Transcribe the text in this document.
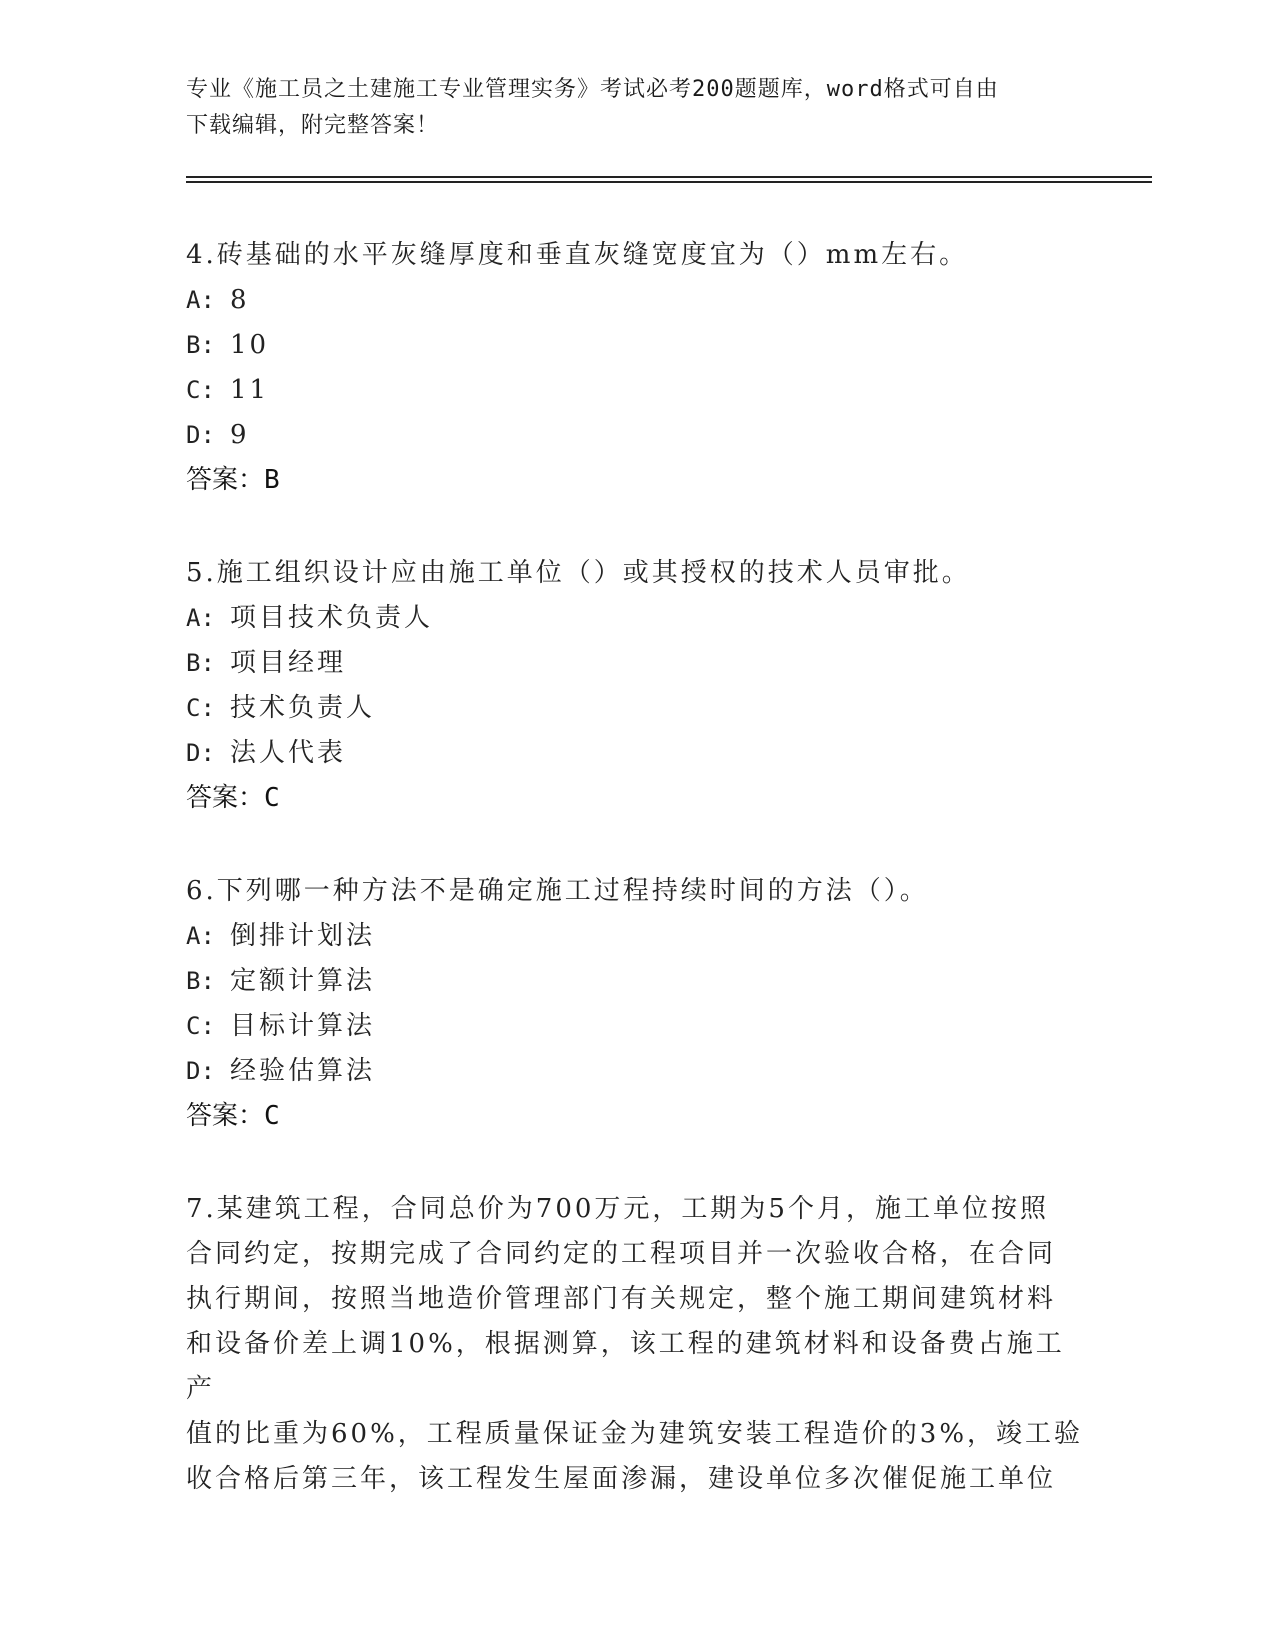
专业《施工员之土建施工专业管理实务》考试必考200题题库，word格式可自由
下载编辑，附完整答案！

4.砖基础的水平灰缝厚度和垂直灰缝宽度宜为（）mm左右。

A: 8
B: 10
C: 11
D: 9
答案：B

5.施工组织设计应由施工单位（）或其授权的技术人员审批。

A: 项目技术负责人
B: 项目经理
C: 技术负责人
D: 法人代表
答案：C

6.下列哪一种方法不是确定施工过程持续时间的方法（）。

A: 倒排计划法
B: 定额计算法
C: 目标计算法
D: 经验估算法
答案：C
7.某建筑工程，合同总价为700万元，工期为5个月，施工单位按照
合同约定，按期完成了合同约定的工程项目并一次验收合格，在合同
执行期间，按照当地造价管理部门有关规定，整个施工期间建筑材料
和设备价差上调10%，根据测算，该工程的建筑材料和设备费占施工产
值的比重为60%，工程质量保证金为建筑安装工程造价的3%，竣工验
收合格后第三年，该工程发生屋面渗漏，建设单位多次催促施工单位
